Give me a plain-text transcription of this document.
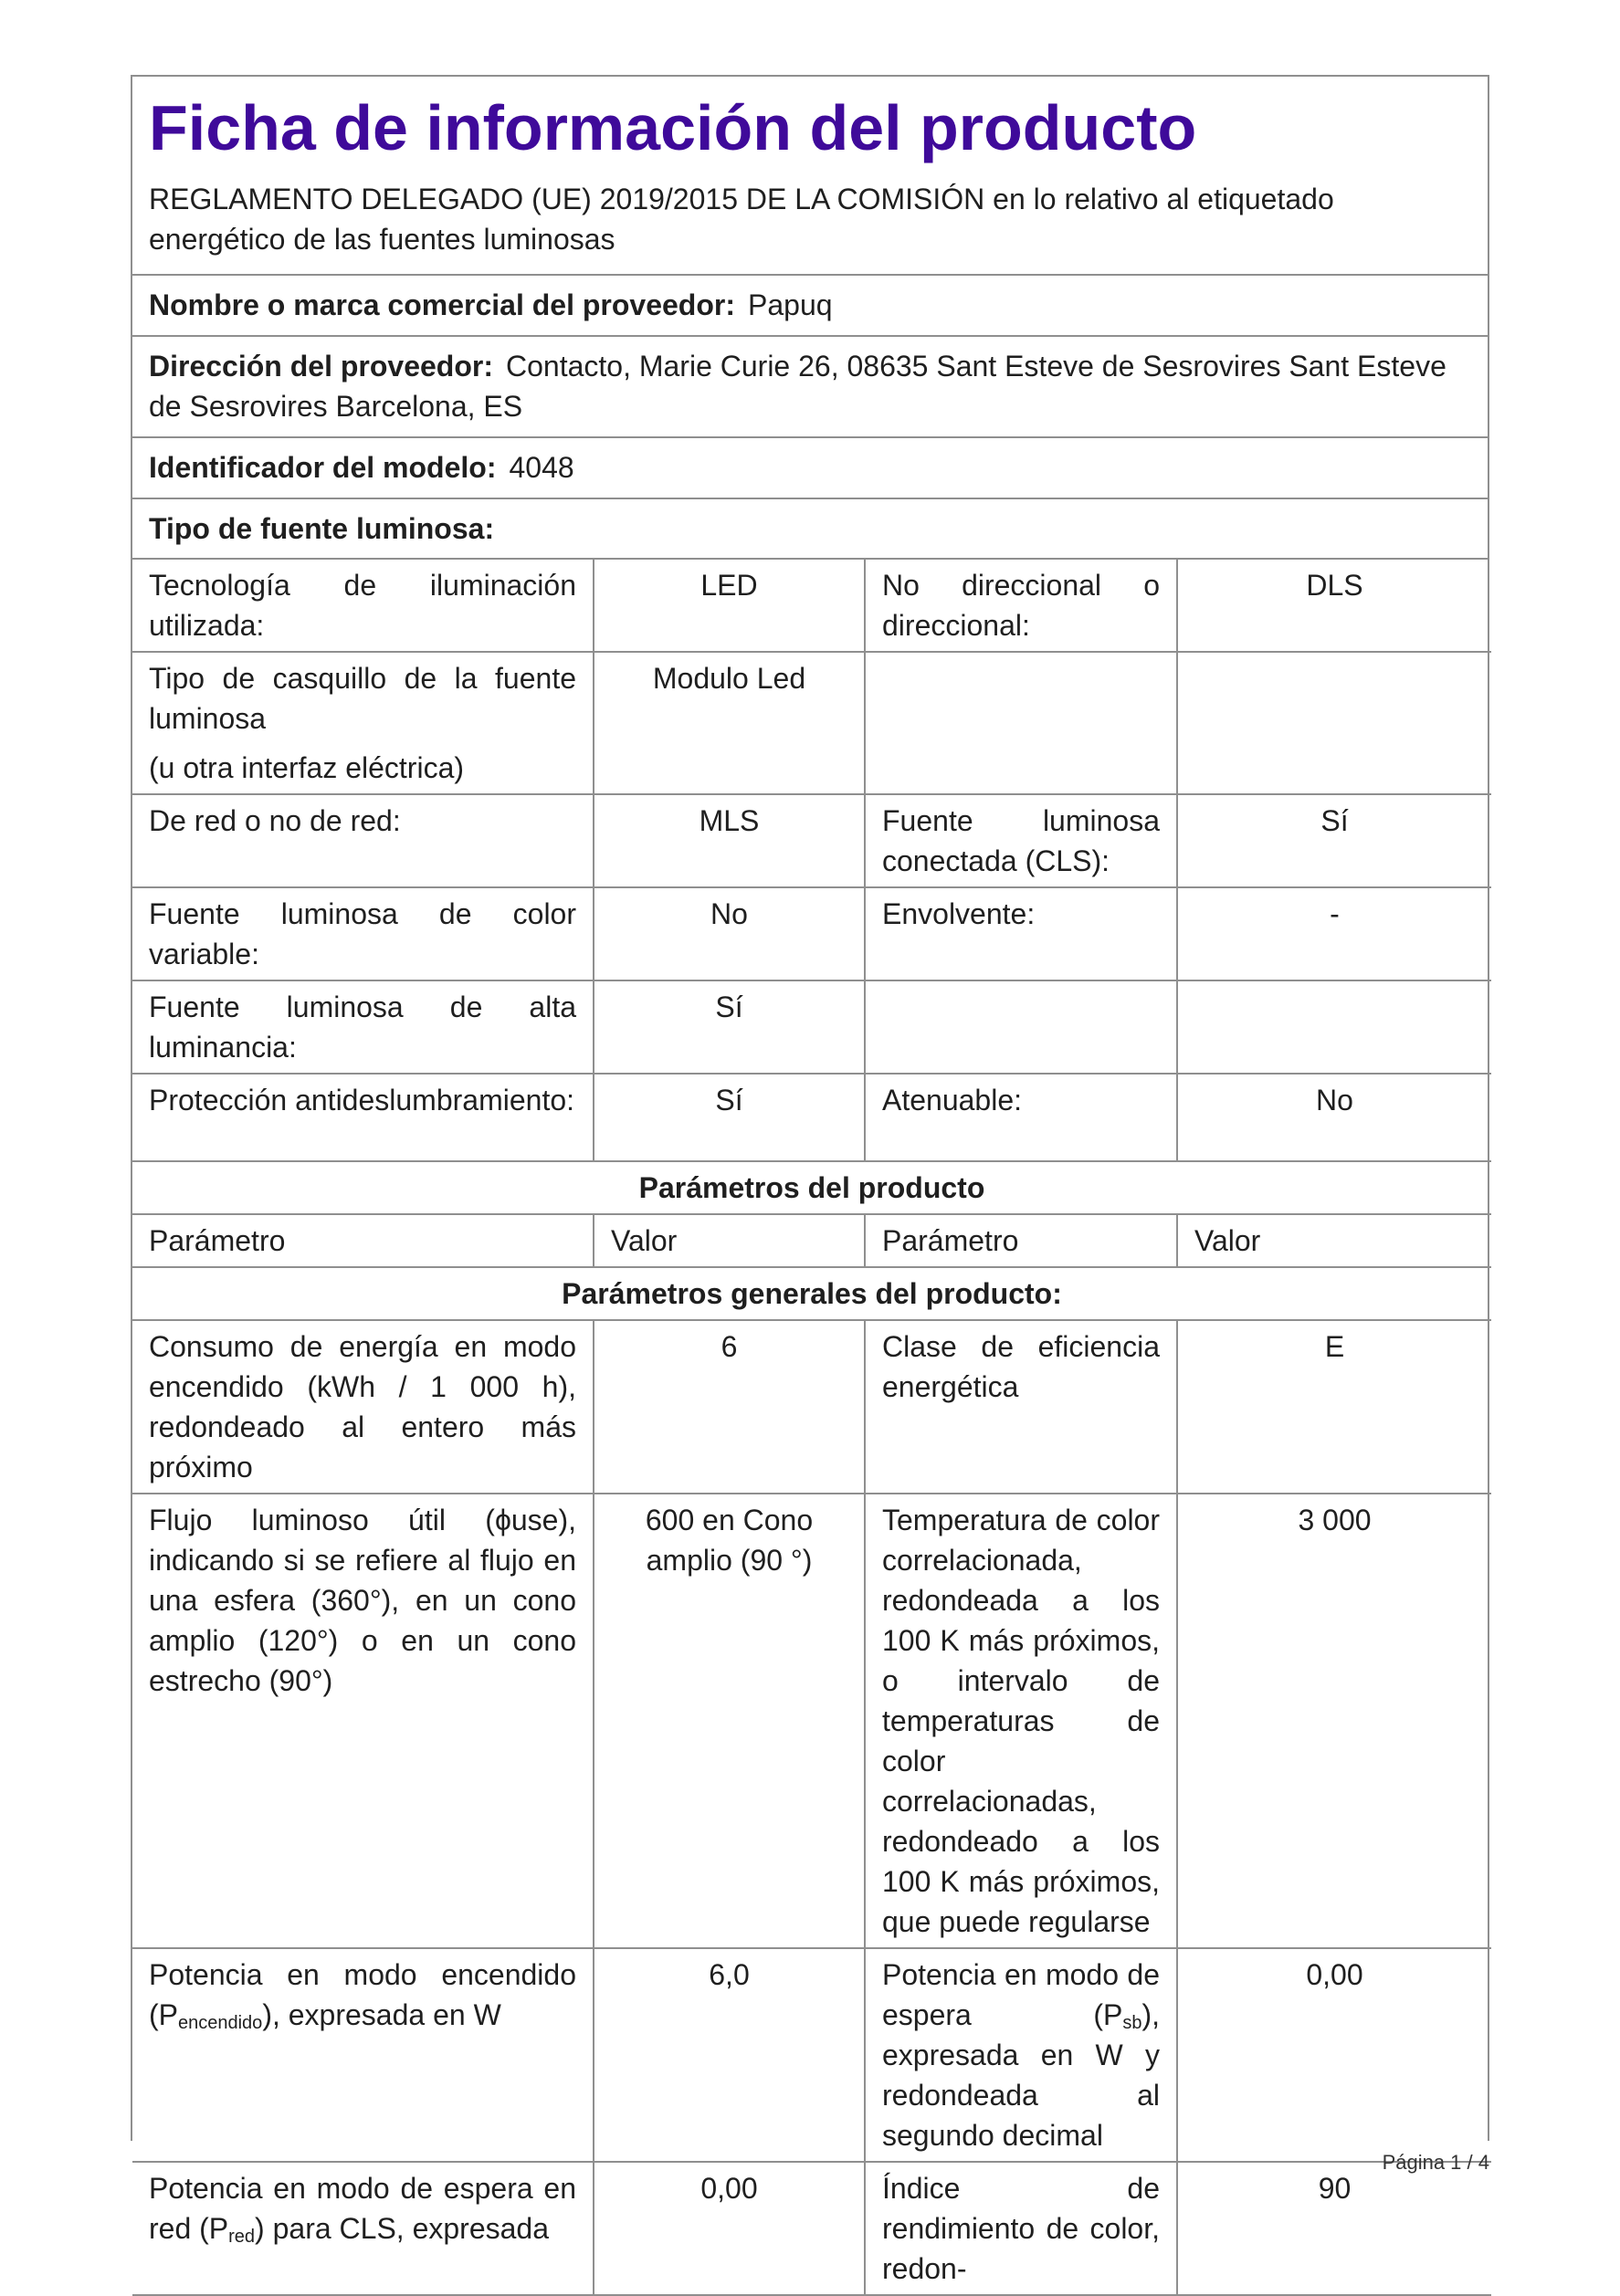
Ficha de información del producto
REGLAMENTO DELEGADO (UE) 2019/2015 DE LA COMISIÓN en lo relativo al etiquetado energético de las fuentes luminosas
Nombre o marca comercial del proveedor: Papuq
Dirección del proveedor: Contacto, Marie Curie 26, 08635 Sant Esteve de Sesrovires Sant Esteve de Sesrovires Barcelona, ES
Identificador del modelo: 4048
Tipo de fuente luminosa:
Tecnología de iluminación utilizada:	LED	No direccional o direccional:	DLS

Tipo de casquillo de la fuente luminosa
(u otra interfaz eléctrica)	Modulo Led		
De red o no de red:	MLS	Fuente luminosa conectada (CLS):	Sí
Fuente luminosa de color variable:	No	Envolvente:	-
Fuente luminosa de alta luminancia:	Sí		
Protección antideslumbramiento:	Sí	Atenuable:	No
Parámetros del producto			
Parámetro	Valor	Parámetro	Valor
Parámetros generales del producto:			
Consumo de energía en modo encendido (kWh / 1 000 h), redondeado al entero más próximo	6	Clase de eficiencia energética	E
Flujo luminoso útil (ϕuse), indicando si se refiere al flujo en una esfera (360°), en un cono amplio (120°) o en un cono estrecho (90°)	600 en Cono amplio (90 °)	Temperatura de color correlacionada, redondeada a los 100 K más próximos, o intervalo de temperaturas de color correlacionadas, redondeado a los 100 K más próximos, que puede regularse	3 000
Potencia en modo encendido $(P_{encendido})$, expresada en W	6,0	Potencia en modo de espera $(P_{sb})$, expresada en W y redondeada al segundo decimal	0,00
Potencia en modo de espera en red $(P_{red})$ para CLS, expresada	0,00	Índice de rendimiento de color, redon-	90
Página 1 / 4
